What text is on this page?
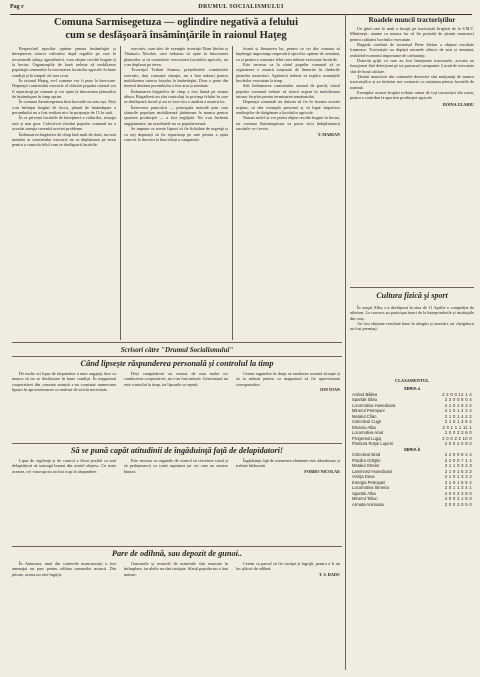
Pag r	DRUMUL SOCIALISMULUI
Comuna Sarmisegetuza — oglindire negativă a felului
cum se desfăşoară însămînţările în raionul Haţeg

Respectînd epocilor optime pentru însămînţări și întreţinerea tuturor culturilor dupã regulile pe care le recomandă știinţa agrotehnică, vom obţine recolte bogate și la hectar. Organizaţiile de bază trebuie să mobilizeze populaţia comunelor la executarea lucrărilor agricole în bune condiţii și în timpul cel mai scurt.

În raionul Haţeg, eu-l comune vor fi puse la încercare. Deputaţii comitetului executiv al sfatului popular raional vor fi repartizaţi pe comune și vor ajuta la întocmirea planurilor de însămînţare în timp optim.

În comuna Sarmisegetuza însă lucrurile nu stau așa. Deși s-au înfiinţat brigăzi de lucru, planul de însămînţare a porumbului nu a fost realizat nici în proporţie de 15 la sută.

În ce privește lucrările de întreţinere a culturilor, situaţia este și mai grea. Colectivul sfatului popular comunal nu a acordat atenţia cuvenită acestei probleme.

Îndrumarea brigăzilor de cîmp lasă mult de dorit, iar unii membri ai comitetului executiv nu se deplasează pe teren pentru a controla felul cum se desfăşoară lucrările.

executiv, cum sînt: de exemplu tovarășii Bran Ștefan și Tănăsoiu Nicolae, care trebuiau să ajute la întocmirea planurilor și să controleze executarea lucrărilor agricole, nu s-au deplasat pe teren.

Tovarășul Todoni Simion, președintele comitetului executiv, deși cunoaște situaţia, nu a luat măsuri pentru mobilizarea tuturor forţelor la însămînţări. Doar o parte din terenul destinat porumbului a fost arat și semănat.

Îndrumarea brigăzilor de cîmp a fost lăsată pe seama altora. Brigadierii nu sînt controlaţi în privinţa felului în care se desfășoară lucrul și nu se face nici o analiză a muncii lor.

Întrecerea patriotică — principala metodă prin care sfaturile populare mobilizează ţărănimea la munca pentru sporirea producţiei — a fost neglijată. Nu s-au încheiat angajamente, iar rezultatele nu se popularizează.

Se impune ca aceste lipsuri să fie lichidate de urgenţă și ca toţi deputaţii să fie repartizaţi pe sate pentru a ajuta concret la ducerea la bun sfîrșit a campaniei.

formă și lămurirea lor, pentru ca cei din comuna să înţeleagă importanţa respectării epocilor optime de semănat, ca și pentru a cunoaște felul cum trebuie executate lucrările.

Este necesar ca la sfatul popular comunal să se organizeze o muncă susţinută de lămurire în rîndurile ţăranilor muncitori. Agitatorii trebuie să explice avantajele lucrărilor executate la timp.

Sub îndrumarea comitetului raional de partid, sfatul popular comunal trebuie să treacă urgent la mobilizarea tuturor forţelor pentru terminarea semănatului.

Deputaţii comunali au datoria să fie în fruntea acestei acţiuni, să dea exemplu personal și să lupte împotriva tendinţelor de tărăgănare a lucrărilor agricole.

Numai astfel se vor putea obţine recolte bogate la hectar, iar comuna Sarmisegetuza va putea să-și îndeplinească sarcinile ce-i revin.

T. MARIAN
Roadele muncii tractoriştilor

Un gînd care le mult a însoţit pe tractoriștii brigăzii de la S.M.T. Mărtinești, anume ca munca lor să fie prețuită de ţăranii muncitori pentru calitatea lucrărilor executate.

Brigada condusă de tovarășul Bene Ștefan a obţinut rezultate frumoase. Tractoriștii au depășit normele zilnice de arat și semănat, realizînd economii importante de carburanţi.

Datorită grijii cu care au fost întreţinute tractoarele, acestea au funcţionat fără defecţiuni pe tot parcursul campaniei. Lucrările executate sînt de bună calitate.

Ţăranii muncitori din comunele deservite sînt mulţumiţi de munca tractoriștilor și au încheiat noi contracte cu stațiunea pentru lucrările de toamnă.

Exemplul acestei brigăzi trebuie urmat de toţi tractoriștii din raion, pentru a contribui la sporirea producţiei agricole.

DOINA ULARIU
Cultura fizică şi sport

În oraşul Alba, s-a desfăşurat în ziua de 11 Aprilie o competiție de atletism. La concurs au participat tineri de la întreprinderile și instituţiile din oraș.

Au fost obţinute rezultate bune la alergări și aruncări, iar cîștigătorii au fost premiaţi.

CLASAMENTUL
SERIA a	
Activul Băilea	2 2 0 0 12 1 4
Spartak Sibiu	2 2 0 0 8 0 4
Locomotiva Hunedoara	2 1 0 1 9 3 2
Minerul Petroşani	2 1 0 1 4 2 2
Metalul Cîlan	2 1 0 1 4 2 2
Colectivul Cugir	2 1 0 1 3 6 2
Dinamo Alba	2 0 1 1 1 11 1
Locomotiva Arad	2 0 0 2 3 6 0
Progresul Lugoj	2 0 0 2 2 10 0
Flamura Roşie Lupeni	2 0 0 2 0 8 0
SERIA b	
Colectivul Brad	2 2 0 0 9 4 4
Flacăra Orăştie	2 2 0 0 7 1 4
Metalul Ghelar	2 1 1 0 3 2 3
Laminorul Hunedoara	2 1 0 1 5 3 2
Voinţa Deva	2 1 0 1 3 3 2
Energia Petroşani	2 1 0 1 5 5 2
Locomotiva Simeria	2 0 1 1 3 4 1
Spartak Alba	2 0 0 2 3 6 0
Minerul Teliuc	2 0 0 2 1 6 0
Armata Aninoasa	2 0 0 2 0 5 0
Scrisori către "Drumul Socialismului"
Când lipsește răspunderea personală și controlul la timp

De multe ori lipsa de răspundere a unor angajaţi face ca munca să nu se desfășoare în bune condiţii. În magazinul cooperativei din comuna noastră s-au constatat numeroase lipsuri în aprovizionarea cu mărfuri de strictă necesitate.

Deși cumpărătorii au sesizat de mai multe ori conducerea cooperativei, nu s-au luat măsuri. Gestionarul nu este controlat la timp, iar lipsurile se repetă.

Cerem organelor în drept să analizeze această situaţie și să ia măsuri pentru ca magazinul să fie aprovizionat corespunzător.

ION IOAN
Să se pună capăt atitudinii de îngăduinţă faţă de delapidatori!

Lipsa de vigilenţă și de control a făcut posibil ca unii delapidatori să sustragă bunuri din avutul obștesc. Cu toate acestea, cei vinovaţi nu au fost traşi la răspundere.

Este necesar ca organele de control să cerceteze cazul și să pedepsească cu toată asprimea pe cei care au sustras bunuri.

Îngăduinţa faţă de asemenea elemente este dăunătoare și trebuie înlăturată.

FORRO NICOLAE
Pare de odihnă, sau depozit de gunoi..

În Aninoasa, unul din cartierele muncitorești a fost amenajat un parc pentru odihna oamenilor muncii. Din păcate, acesta nu este îngrijit.

Gunoaiele și resturile de materiale sînt aruncate la întîmplare, iar aleile nu sînt curăţate. Sfatul popular nu a luat măsuri.

Cerem ca parcul să fie curăţat și îngrijit, pentru a fi un loc plăcut de odihnă.

T. S. RADU
